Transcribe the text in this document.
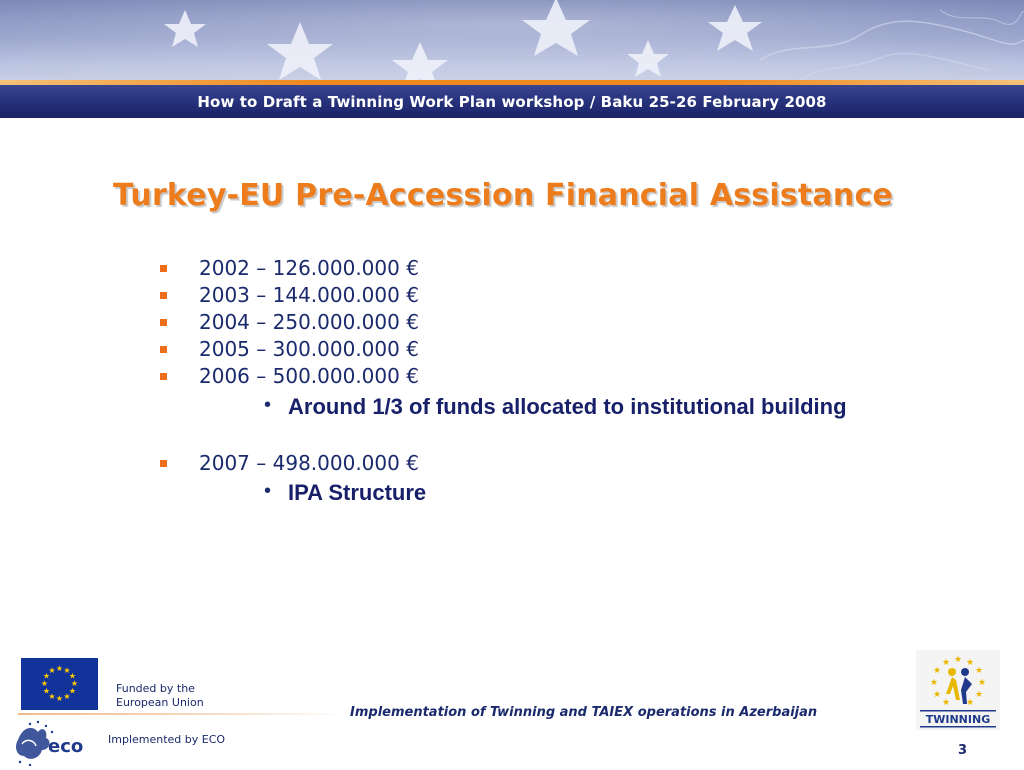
How to Draft a Twinning Work Plan workshop / Baku 25-26 February 2008
Turkey-EU Pre-Accession Financial Assistance
2002 – 126.000.000 €
2003 – 144.000.000 €
2004 – 250.000.000 €
2005 – 300.000.000 €
2006 – 500.000.000 €
• Around 1/3 of funds allocated to institutional building
2007 – 498.000.000 €
• IPA Structure
★ ★
★
★
★
★
★
★
★
★
★
★
Funded by the
European Union
Implementation of Twinning and TAIEX operations in Azerbaijan
eco Implemented by ECO
★ ★
★
★
★
★
★
★
★
★
★
TWINNING
3
